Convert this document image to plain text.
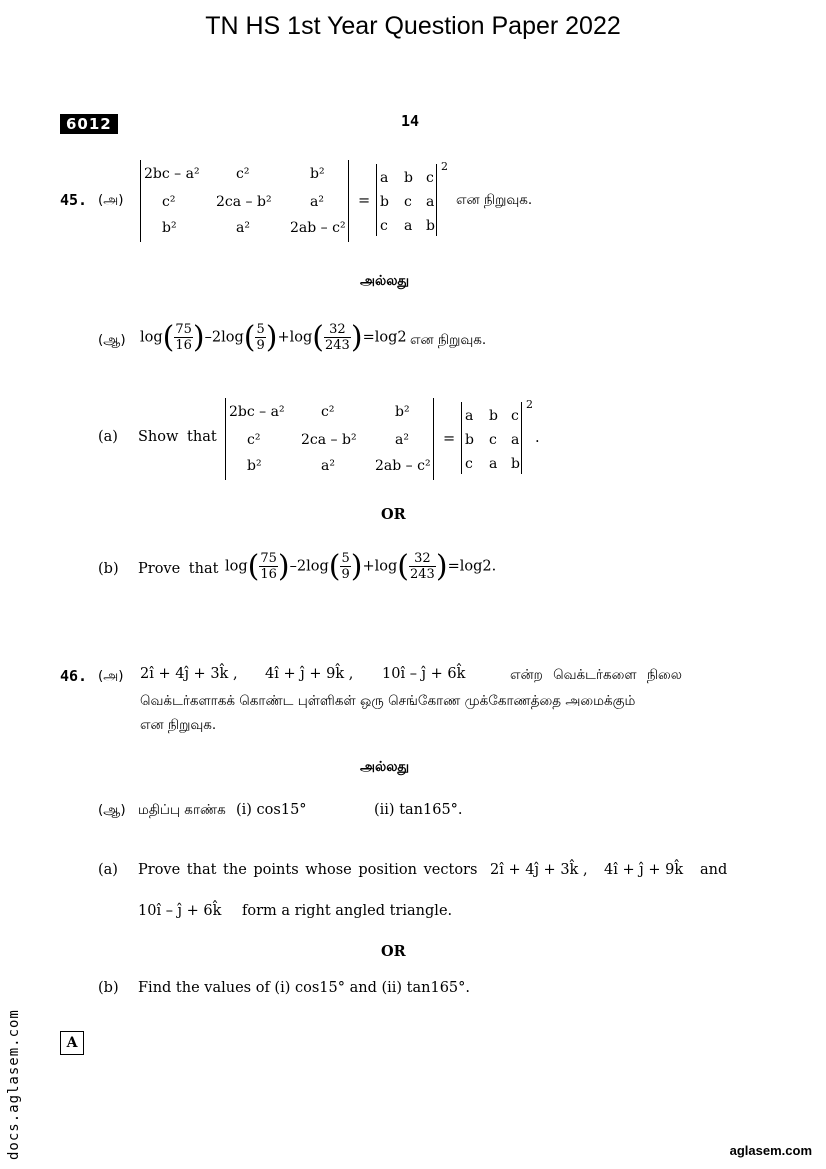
TN HS 1st Year Question Paper 2022
6012	14
45. (அ)
2bc – a²	c²	b²
c²	2ca – b²	a²
b²	a²	2ab – c²
=
a b c
b c a
c a b
2
என நிறுவுக.
அல்லது
(ஆ) $\log( \frac{75}{16} )-2\log( \frac{5}{9} )+\log( \frac{32}{243} )=\log 2$ என நிறுவுக.
(a) Show that
2bc – a²	c²	b²
c²	2ca – b²	a²
b²	a²	2ab – c²
=
a b c
b c a
c a b
2
.
OR
(b) Prove that $\log( \frac{75}{16} )-2\log( \frac{5}{9} )+\log( \frac{32}{243} )=\log 2$.
46. (அ) 2î + 4ĵ + 3k̂ , 4î + ĵ + 9k̂ , 10î – ĵ + 6k̂	என்ற வெக்டர்களை நிலை
வெக்டர்களாகக் கொண்ட புள்ளிகள் ஒரு செங்கோண முக்கோணத்தை அமைக்கும்
என நிறுவுக.
அல்லது
(ஆ) மதிப்பு காண்க (i) cos15°	(ii) tan165°.
(a) Prove that the points whose position vectors 2î + 4ĵ + 3k̂ , 4î + ĵ + 9k̂ and
10î – ĵ + 6k̂ form a right angled triangle.
OR
(b) Find the values of (i) cos15° and (ii) tan165°.
A
docs.aglasem.com	aglasem.com
